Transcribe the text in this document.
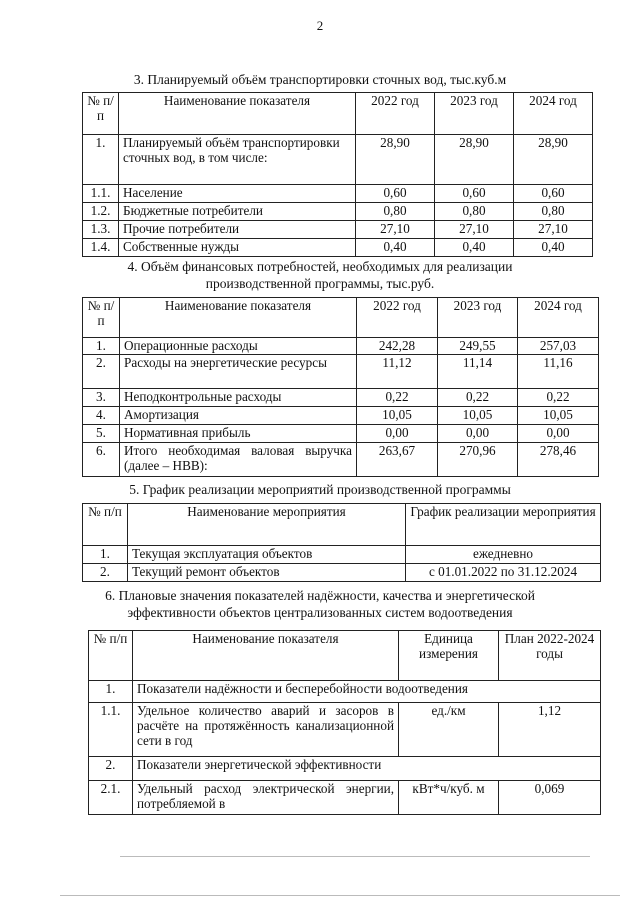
2
3. Планируемый объём транспортировки сточных вод, тыс.куб.м
№ п/п	Наименование показателя	2022 год	2023 год	2024 год
1.	Планируемый объём транспортировки сточных вод, в том числе:	28,90	28,90	28,90
1.1.	Население	0,60	0,60	0,60
1.2.	Бюджетные потребители	0,80	0,80	0,80
1.3.	Прочие потребители	27,10	27,10	27,10
1.4.	Собственные нужды	0,40	0,40	0,40
4. Объём финансовых потребностей, необходимых для реализации
производственной программы, тыс.руб.
№ п/п	Наименование показателя	2022 год	2023 год	2024 год
1.	Операционные расходы	242,28	249,55	257,03
2.	Расходы на энергетические ресурсы	11,12	11,14	11,16
3.	Неподконтрольные расходы	0,22	0,22	0,22
4.	Амортизация	10,05	10,05	10,05
5.	Нормативная прибыль	0,00	0,00	0,00
6.	Итого необходимая валовая выручка (далее – НВВ):	263,67	270,96	278,46
5. График реализации мероприятий производственной программы
№ п/п	Наименование мероприятия	График реализации мероприятия
1.	Текущая эксплуатация объектов	ежедневно
2.	Текущий ремонт объектов	с 01.01.2022 по 31.12.2024
6. Плановые значения показателей надёжности, качества и энергетической
эффективности объектов централизованных систем водоотведения
№ п/п	Наименование показателя	Единица измерения	План 2022-2024 годы
1.	Показатели надёжности и бесперебойности водоотведения		
1.1.	Удельное количество аварий и засоров в расчёте на протяжённость канализационной сети в год	ед./км	1,12
2.	Показатели энергетической эффективности		
2.1.	Удельный расход электрической энергии, потребляемой в	кВт*ч/куб. м	0,069
